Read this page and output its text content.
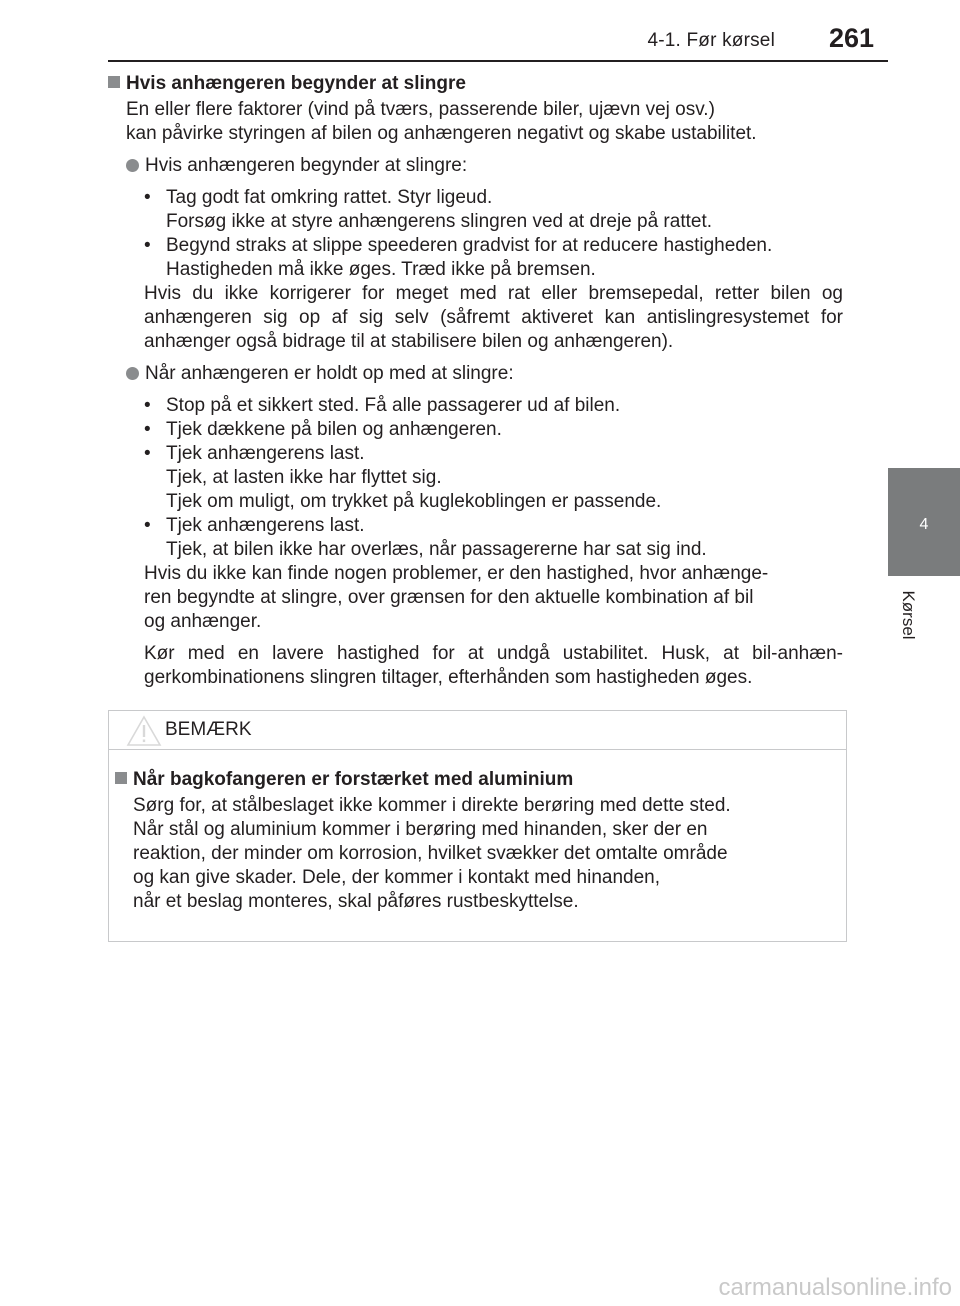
4-1. Før kørsel 261
4
Kørsel
Hvis anhængeren begynder at slingre
En eller flere faktorer (vind på tværs, passerende biler, ujævn vej osv.)
kan påvirke styringen af bilen og anhængeren negativt og skabe ustabilitet.
Hvis anhængeren begynder at slingre:
• Tag godt fat omkring rattet. Styr ligeud.
Forsøg ikke at styre anhængerens slingren ved at dreje på rattet.
• Begynd straks at slippe speederen gradvist for at reducere hastigheden.
Hastigheden må ikke øges. Træd ikke på bremsen.
Hvis du ikke korrigerer for meget med rat eller bremsepedal, retter bilen og anhængeren sig op af sig selv (såfremt aktiveret kan antislingresystemet for anhænger også bidrage til at stabilisere bilen og anhængeren).
Når anhængeren er holdt op med at slingre:
• Stop på et sikkert sted. Få alle passagerer ud af bilen.
• Tjek dækkene på bilen og anhængeren.
• Tjek anhængerens last.
Tjek, at lasten ikke har flyttet sig.
Tjek om muligt, om trykket på kuglekoblingen er passende.
• Tjek anhængerens last.
Tjek, at bilen ikke har overlæs, når passagererne har sat sig ind.
Hvis du ikke kan finde nogen problemer, er den hastighed, hvor anhænge-
ren begyndte at slingre, over grænsen for den aktuelle kombination af bil
og anhænger.
Kør med en lavere hastighed for at undgå ustabilitet. Husk, at bil-anhæn-gerkombinationens slingren tiltager, efterhånden som hastigheden øges.
BEMÆRK
Når bagkofangeren er forstærket med aluminium
Sørg for, at stålbeslaget ikke kommer i direkte berøring med dette sted.
Når stål og aluminium kommer i berøring med hinanden, sker der en
reaktion, der minder om korrosion, hvilket svækker det omtalte område
og kan give skader. Dele, der kommer i kontakt med hinanden,
når et beslag monteres, skal påføres rustbeskyttelse.
carmanualsonline.info
